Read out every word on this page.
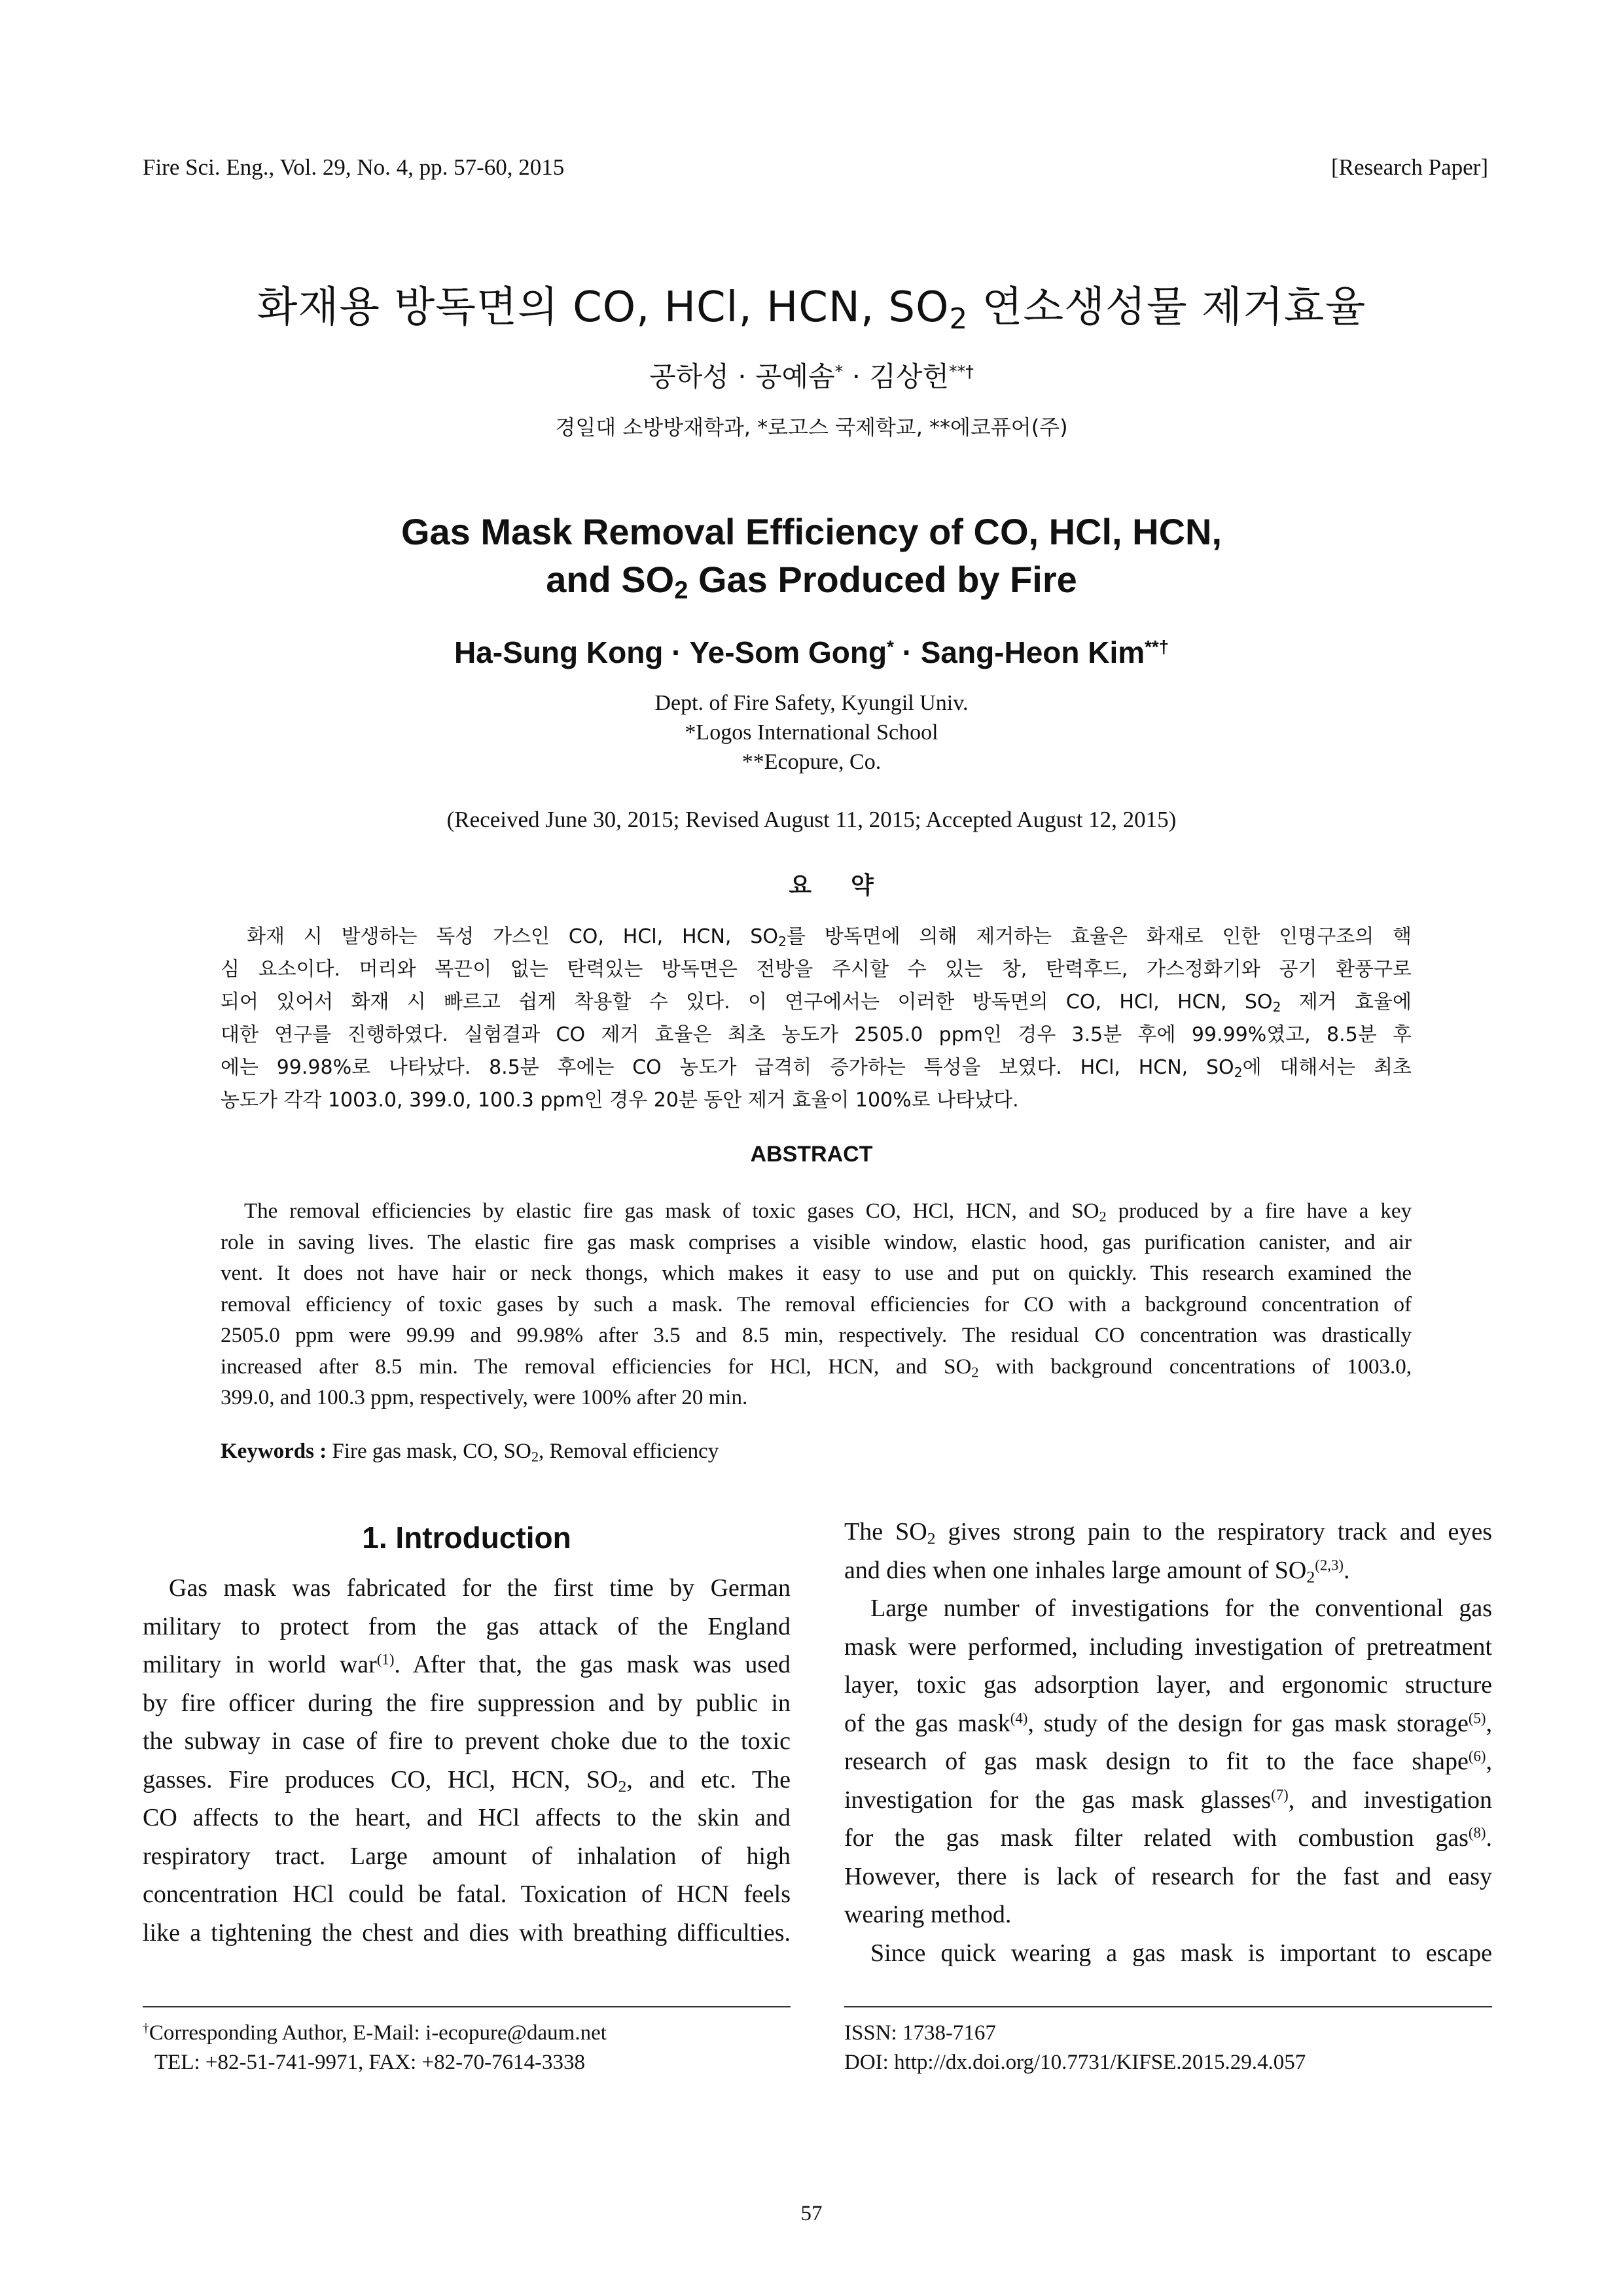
Fire Sci. Eng., Vol. 29, No. 4, pp. 57-60, 2015	[Research Paper]
화재용 방독면의 CO, HCl, HCN, $SO_2$ 연소생성물 제거효율
공하성 · 공예솜* · 김상헌**†
경일대 소방방재학과, *로고스 국제학교, **에코퓨어(주)
Gas Mask Removal Efficiency of CO, HCl, HCN,
and $SO_2$ Gas Produced by Fire
Ha-Sung Kong · Ye-Som Gong* · Sang-Heon Kim**†
Dept. of Fire Safety, Kyungil Univ.
*Logos International School
**Ecopure, Co.
(Received June 30, 2015; Revised August 11, 2015; Accepted August 12, 2015)
요약
화재 시 발생하는 독성 가스인 CO, HCl, HCN, $SO_2$를 방독면에 의해 제거하는 효율은 화재로 인한 인명구조의 핵
심 요소이다. 머리와 목끈이 없는 탄력있는 방독면은 전방을 주시할 수 있는 창, 탄력후드, 가스정화기와 공기 환풍구로
되어 있어서 화재 시 빠르고 쉽게 착용할 수 있다. 이 연구에서는 이러한 방독면의 CO, HCl, HCN, $SO_2$ 제거 효율에
대한 연구를 진행하였다. 실험결과 CO 제거 효율은 최초 농도가 2505.0 ppm인 경우 3.5분 후에 99.99%였고, 8.5분 후
에는 99.98%로 나타났다. 8.5분 후에는 CO 농도가 급격히 증가하는 특성을 보였다. HCl, HCN, $SO_2$에 대해서는 최초
농도가 각각 1003.0, 399.0, 100.3 ppm인 경우 20분 동안 제거 효율이 100%로 나타났다.
ABSTRACT
The removal efficiencies by elastic fire gas mask of toxic gases CO, HCl, HCN, and $SO_2$ produced by a fire have a key
role in saving lives. The elastic fire gas mask comprises a visible window, elastic hood, gas purification canister, and air
vent. It does not have hair or neck thongs, which makes it easy to use and put on quickly. This research examined the
removal efficiency of toxic gases by such a mask. The removal efficiencies for CO with a background concentration of
2505.0 ppm were 99.99 and 99.98% after 3.5 and 8.5 min, respectively. The residual CO concentration was drastically
increased after 8.5 min. The removal efficiencies for HCl, HCN, and $SO_2$ with background concentrations of 1003.0,
399.0, and 100.3 ppm, respectively, were 100% after 20 min.
Keywords : Fire gas mask, CO, $SO_2$, Removal efficiency
1. Introduction
Gas mask was fabricated for the first time by German
military to protect from the gas attack of the England
military in world war$^{(1)}$. After that, the gas mask was used
by fire officer during the fire suppression and by public in
the subway in case of fire to prevent choke due to the toxic
gasses. Fire produces CO, HCl, HCN, $SO_2$, and etc. The
CO affects to the heart, and HCl affects to the skin and
respiratory tract. Large amount of inhalation of high
concentration HCl could be fatal. Toxication of HCN feels
like a tightening the chest and dies with breathing difficulties.
The $SO_2$ gives strong pain to the respiratory track and eyes
and dies when one inhales large amount of $SO_2^{(2,3)}$.
Large number of investigations for the conventional gas
mask were performed, including investigation of pretreatment
layer, toxic gas adsorption layer, and ergonomic structure
of the gas mask$^{(4)}$, study of the design for gas mask storage$^{(5)}$,
research of gas mask design to fit to the face shape$^{(6)}$,
investigation for the gas mask glasses$^{(7)}$, and investigation
for the gas mask filter related with combustion gas$^{(8)}$.
However, there is lack of research for the fast and easy
wearing method.
Since quick wearing a gas mask is important to escape
†Corresponding Author, E-Mail: i-ecopure@daum.net
TEL: +82-51-741-9971, FAX: +82-70-7614-3338
ISSN: 1738-7167
DOI: http://dx.doi.org/10.7731/KIFSE.2015.29.4.057
57
